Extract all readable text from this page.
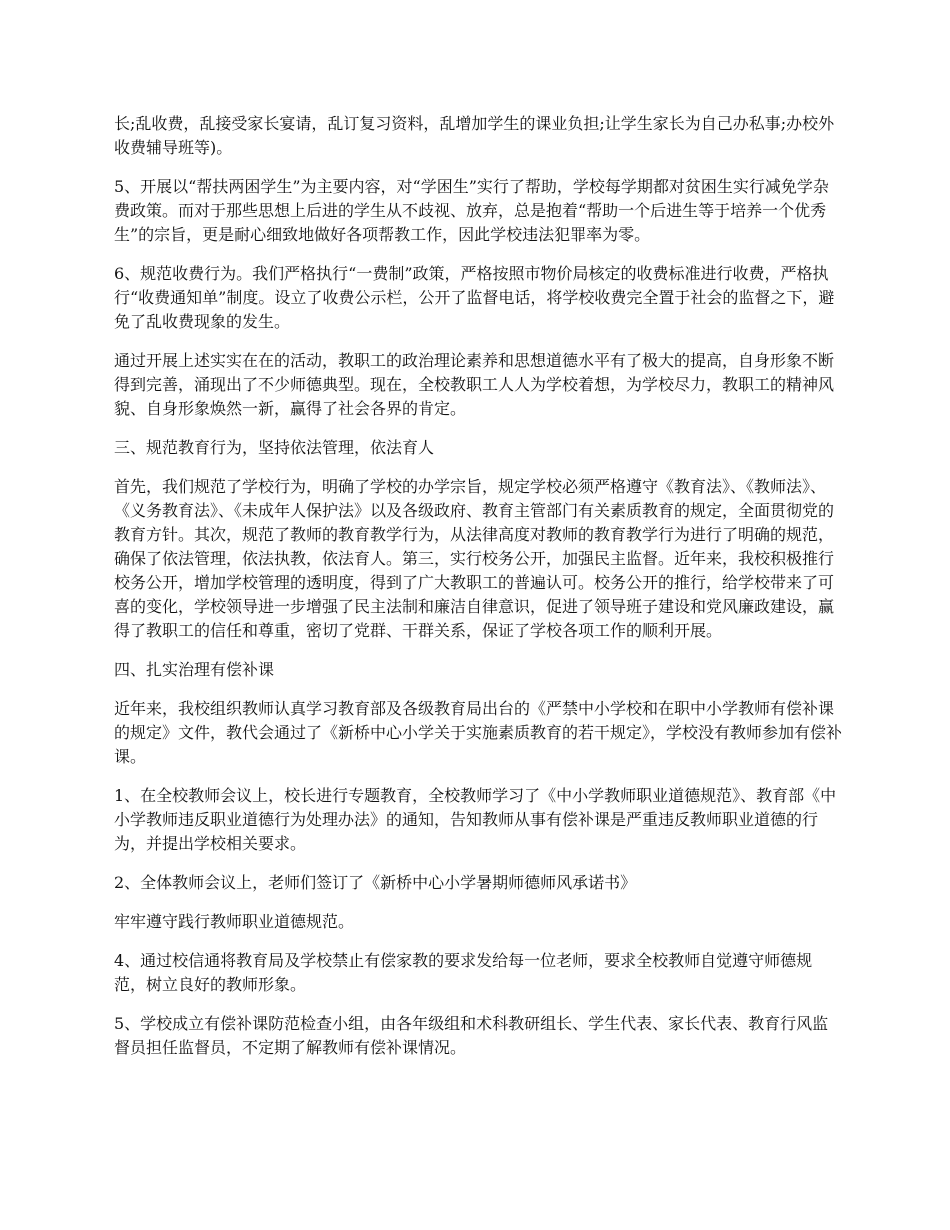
长;乱收费，乱接受家长宴请，乱订复习资料，乱增加学生的课业负担;让学生家长为自己办私事;办校外收费辅导班等)。

5、开展以“帮扶两困学生”为主要内容，对“学困生”实行了帮助，学校每学期都对贫困生实行减免学杂费政策。而对于那些思想上后进的学生从不歧视、放弃，总是抱着“帮助一个后进生等于培养一个优秀生”的宗旨，更是耐心细致地做好各项帮教工作，因此学校违法犯罪率为零。

6、规范收费行为。我们严格执行“一费制”政策，严格按照市物价局核定的收费标准进行收费，严格执行“收费通知单”制度。设立了收费公示栏，公开了监督电话，将学校收费完全置于社会的监督之下，避免了乱收费现象的发生。

通过开展上述实实在在的活动，教职工的政治理论素养和思想道德水平有了极大的提高，自身形象不断得到完善，涌现出了不少师德典型。现在，全校教职工人人为学校着想，为学校尽力，教职工的精神风貌、自身形象焕然一新，赢得了社会各界的肯定。

三、规范教育行为，坚持依法管理，依法育人

首先，我们规范了学校行为，明确了学校的办学宗旨，规定学校必须严格遵守《教育法》、《教师法》、《义务教育法》、《未成年人保护法》以及各级政府、教育主管部门有关素质教育的规定，全面贯彻党的教育方针。其次，规范了教师的教育教学行为，从法律高度对教师的教育教学行为进行了明确的规范，确保了依法管理，依法执教，依法育人。第三，实行校务公开，加强民主监督。近年来，我校积极推行校务公开，增加学校管理的透明度，得到了广大教职工的普遍认可。校务公开的推行，给学校带来了可喜的变化，学校领导进一步增强了民主法制和廉洁自律意识，促进了领导班子建设和党风廉政建设，赢得了教职工的信任和尊重，密切了党群、干群关系，保证了学校各项工作的顺利开展。

四、扎实治理有偿补课

近年来，我校组织教师认真学习教育部及各级教育局出台的《严禁中小学校和在职中小学教师有偿补课的规定》文件，教代会通过了《新桥中心小学关于实施素质教育的若干规定》，学校没有教师参加有偿补课。

1、在全校教师会议上，校长进行专题教育，全校教师学习了《中小学教师职业道德规范》、教育部《中小学教师违反职业道德行为处理办法》的通知，告知教师从事有偿补课是严重违反教师职业道德的行为，并提出学校相关要求。

2、全体教师会议上，老师们签订了《新桥中心小学暑期师德师风承诺书》

牢牢遵守践行教师职业道德规范。

4、通过校信通将教育局及学校禁止有偿家教的要求发给每一位老师，要求全校教师自觉遵守师德规范，树立良好的教师形象。

5、学校成立有偿补课防范检查小组，由各年级组和术科教研组长、学生代表、家长代表、教育行风监督员担任监督员，不定期了解教师有偿补课情况。
